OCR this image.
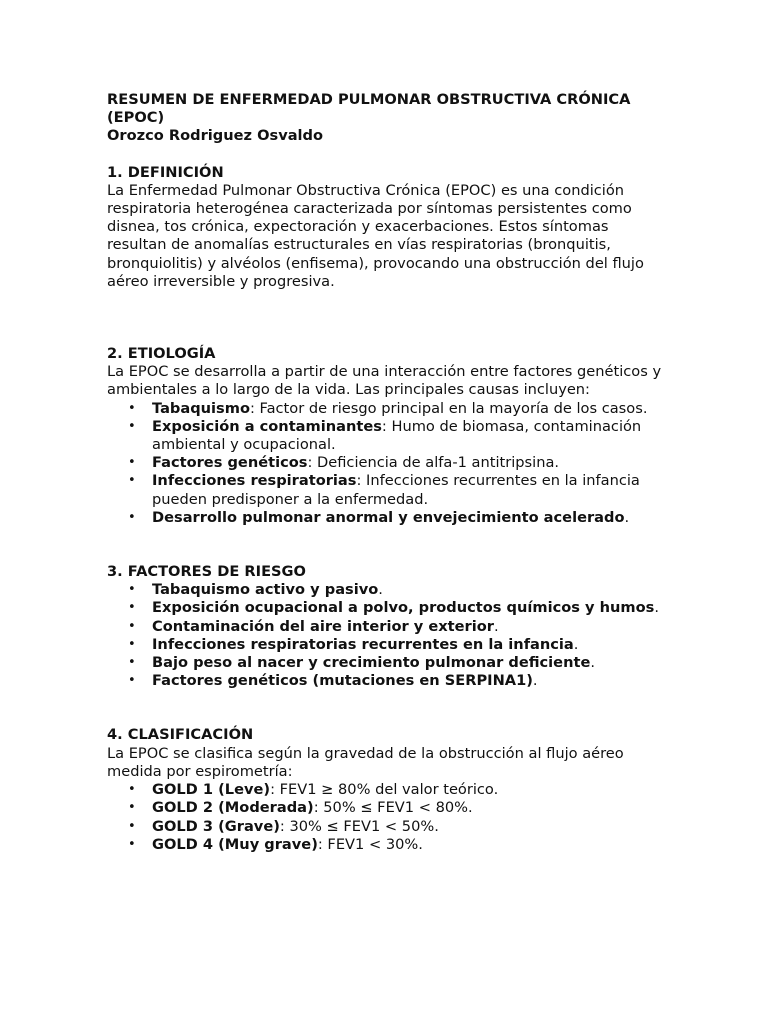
RESUMEN DE ENFERMEDAD PULMONAR OBSTRUCTIVA CRÓNICA (EPOC)

Orozco Rodriguez Osvaldo

1. DEFINICIÓN

La Enfermedad Pulmonar Obstructiva Crónica (EPOC) es una condición respiratoria heterogénea caracterizada por síntomas persistentes como disnea, tos crónica, expectoración y exacerbaciones. Estos síntomas resultan de anomalías estructurales en vías respiratorias (bronquitis, bronquiolitis) y alvéolos (enfisema), provocando una obstrucción del flujo aéreo irreversible y progresiva.

2. ETIOLOGÍA

La EPOC se desarrolla a partir de una interacción entre factores genéticos y ambientales a lo largo de la vida. Las principales causas incluyen:

• Tabaquismo: Factor de riesgo principal en la mayoría de los casos.
• Exposición a contaminantes: Humo de biomasa, contaminación ambiental y ocupacional.
• Factores genéticos: Deficiencia de alfa-1 antitripsina.
• Infecciones respiratorias: Infecciones recurrentes en la infancia pueden predisponer a la enfermedad.
• Desarrollo pulmonar anormal y envejecimiento acelerado.

3. FACTORES DE RIESGO

• Tabaquismo activo y pasivo.
• Exposición ocupacional a polvo, productos químicos y humos.
• Contaminación del aire interior y exterior.
• Infecciones respiratorias recurrentes en la infancia.
• Bajo peso al nacer y crecimiento pulmonar deficiente.
• Factores genéticos (mutaciones en SERPINA1).

4. CLASIFICACIÓN

La EPOC se clasifica según la gravedad de la obstrucción al flujo aéreo medida por espirometría:

• GOLD 1 (Leve): FEV1 ≥ 80% del valor teórico.
• GOLD 2 (Moderada): 50% ≤ FEV1 < 80%.
• GOLD 3 (Grave): 30% ≤ FEV1 < 50%.
• GOLD 4 (Muy grave): FEV1 < 30%.
